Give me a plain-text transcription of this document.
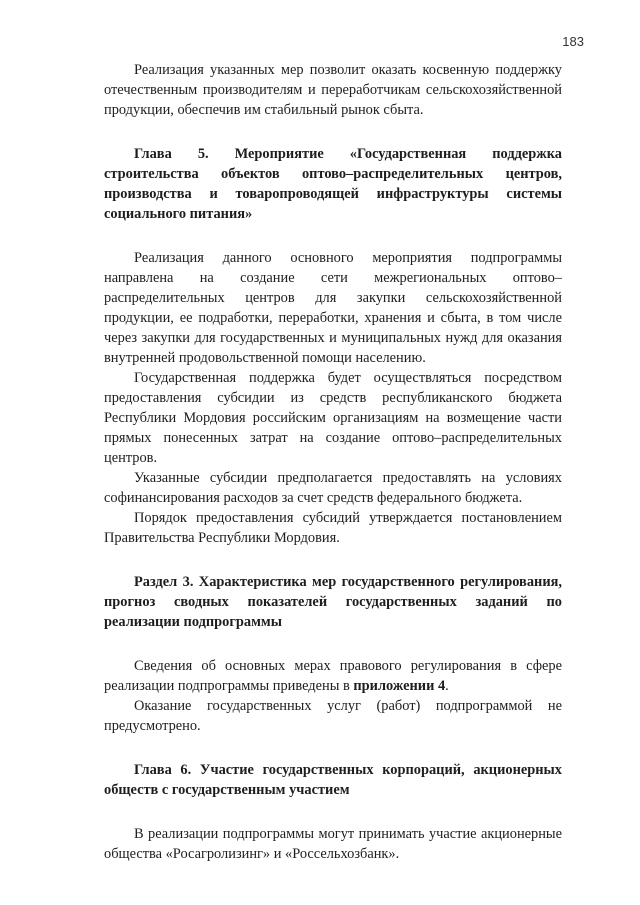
183

Реализация указанных мер позволит оказать косвенную поддержку отечественным производителям и переработчикам сельскохозяйственной продукции, обеспечив им стабильный рынок сбыта.

Глава 5. Мероприятие «Государственная поддержка строительства объектов оптово–распределительных центров, производства и товаропроводящей инфраструктуры системы социального питания»

Реализация данного основного мероприятия подпрограммы направлена на создание сети межрегиональных оптово–распределительных центров для закупки сельскохозяйственной продукции, ее подработки, переработки, хранения и сбыта, в том числе через закупки для государственных и муниципальных нужд для оказания внутренней продовольственной помощи населению.

Государственная поддержка будет осуществляться посредством предоставления субсидии из средств республиканского бюджета Республики Мордовия российским организациям на возмещение части прямых понесенных затрат на создание оптово–распределительных центров.

Указанные субсидии предполагается предоставлять на условиях софинансирования расходов за счет средств федерального бюджета.

Порядок предоставления субсидий утверждается постановлением Правительства Республики Мордовия.

Раздел 3. Характеристика мер государственного регулирования, прогноз сводных показателей государственных заданий по реализации подпрограммы

Сведения об основных мерах правового регулирования в сфере реализации подпрограммы приведены в приложении 4.

Оказание государственных услуг (работ) подпрограммой не предусмотрено.

Глава 6. Участие государственных корпораций, акционерных обществ с государственным участием

В реализации подпрограммы могут принимать участие акционерные общества «Росагролизинг» и «Россельхозбанк».
